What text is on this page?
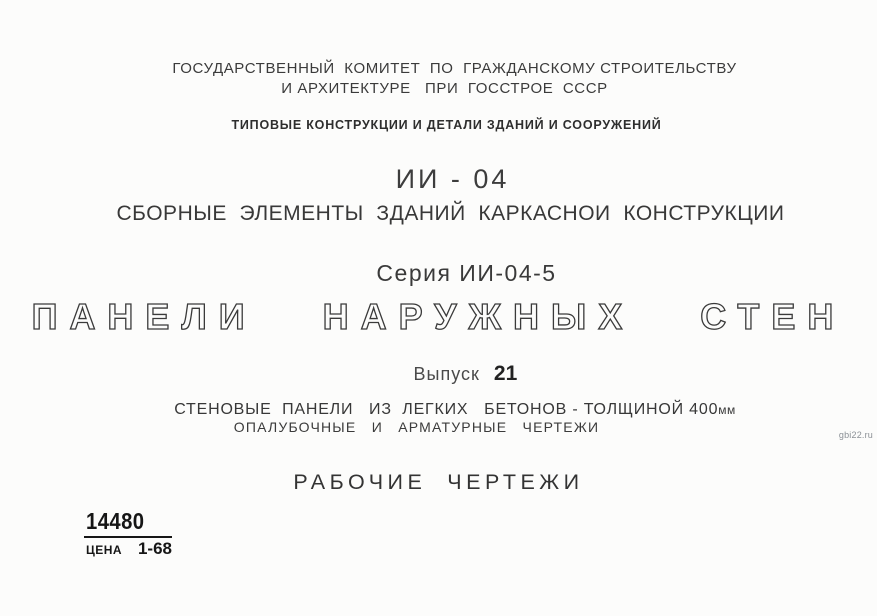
ГОСУДАРСТВЕННЫЙ  КОМИТЕТ  ПО  ГРАЖДАНСКОМУ СТРОИТЕЛЬСТВУ
И АРХИТЕКТУРЕ   ПРИ  ГОССТРОЕ  СССР
ТИПОВЫЕ КОНСТРУКЦИИ И ДЕТАЛИ ЗДАНИЙ И СООРУЖЕНИЙ
ИИ - 04
СБОРНЫЕ  ЭЛЕМЕНТЫ  ЗДАНИЙ  КАРКАСНОИ  КОНСТРУКЦИИ
Серия ИИ-04-5
ПАНЕЛИ   НАРУЖНЫХ   СТЕН

Выпуск 21

СТЕНОВЫЕ  ПАНЕЛИ   ИЗ  ЛЕГКИХ   БЕТОНОВ - ТОЛЩИНОЙ 400мм

ОПАЛУБОЧНЫЕ   И   АРМАТУРНЫЕ   ЧЕРТЕЖИ
РАБОЧИЕ  ЧЕРТЕЖИ
14480
ЦЕНА 1-68
gbi22.ru
